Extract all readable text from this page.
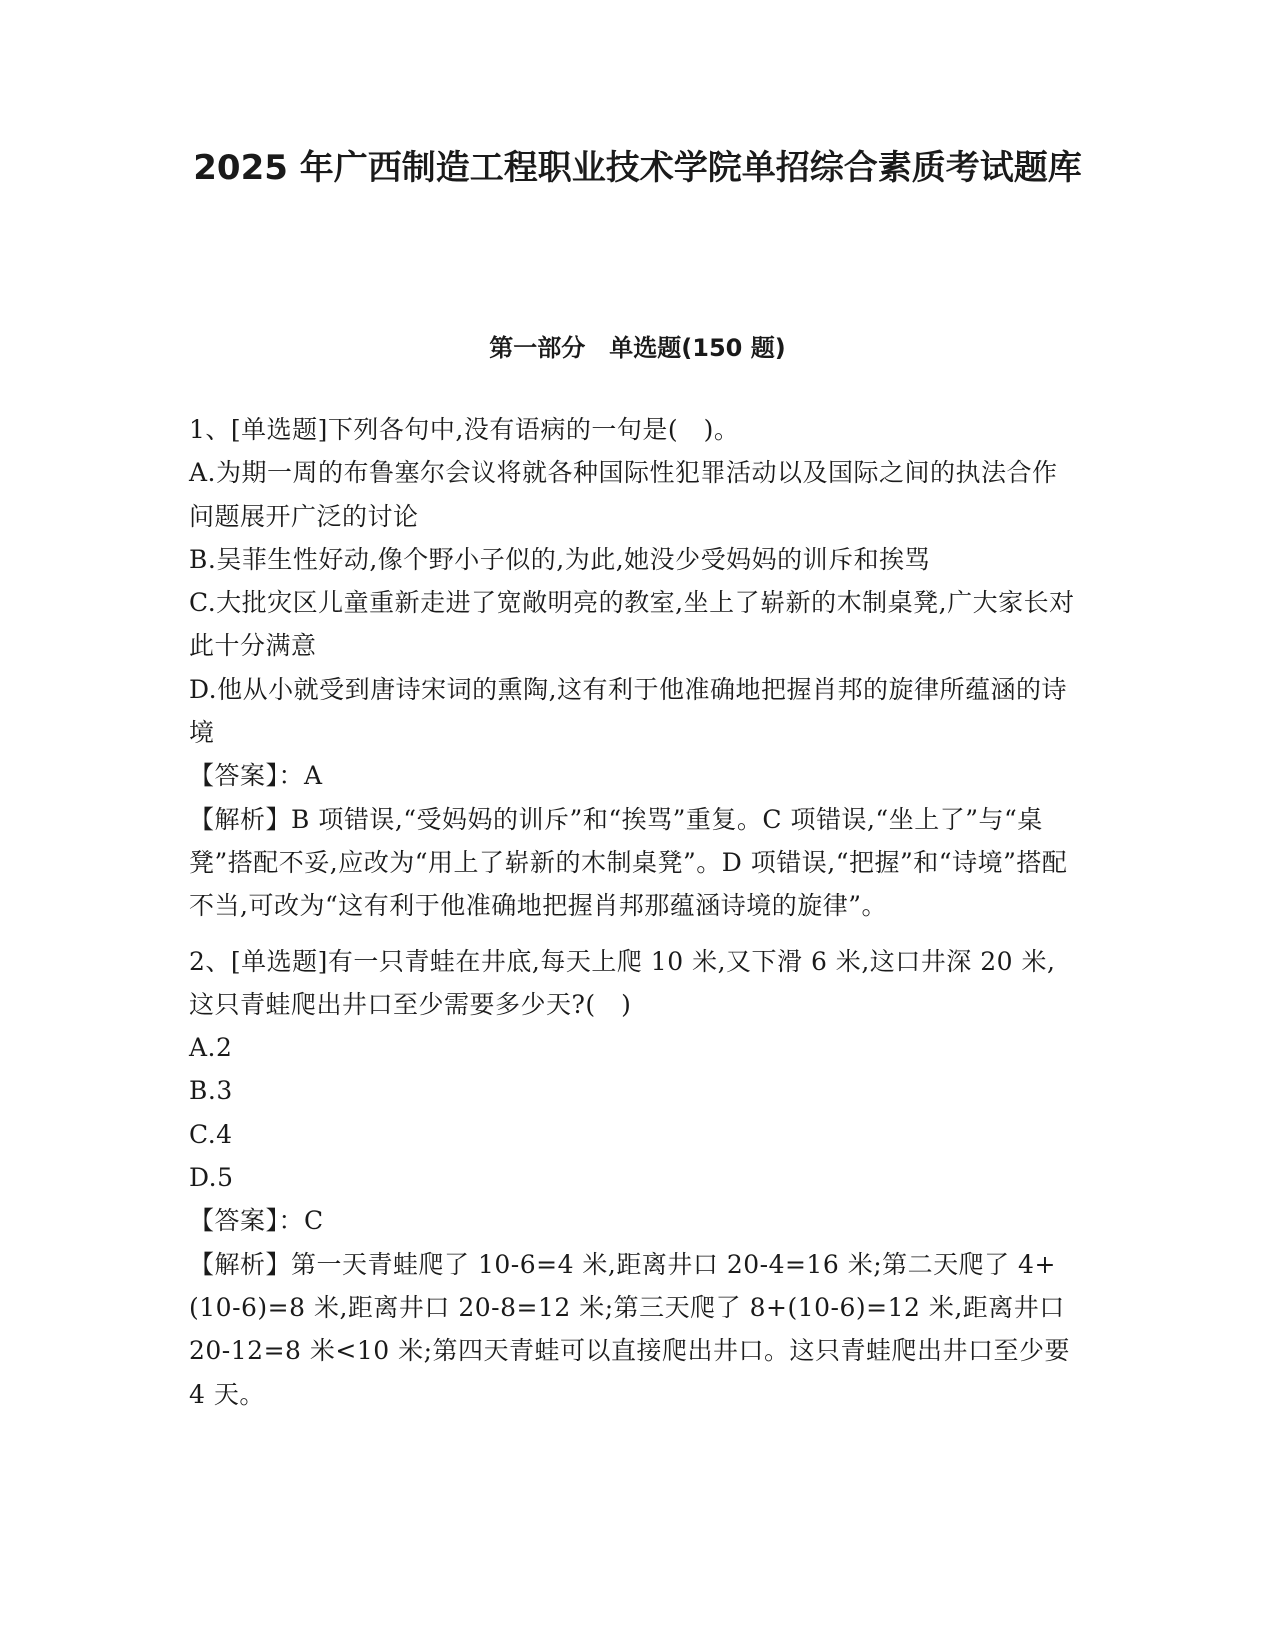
2025 年广西制造工程职业技术学院单招综合素质考试题库
第一部分　单选题(150 题)

1、[单选题]下列各句中,没有语病的一句是(　)。

A.为期一周的布鲁塞尔会议将就各种国际性犯罪活动以及国际之间的执法合作问题展开广泛的讨论

B.吴菲生性好动,像个野小子似的,为此,她没少受妈妈的训斥和挨骂

C.大批灾区儿童重新走进了宽敞明亮的教室,坐上了崭新的木制桌凳,广大家长对此十分满意

D.他从小就受到唐诗宋词的熏陶,这有利于他准确地把握肖邦的旋律所蕴涵的诗境

【答案】：A

【解析】B 项错误,“受妈妈的训斥”和“挨骂”重复。C 项错误,“坐上了”与“桌凳”搭配不妥,应改为“用上了崭新的木制桌凳”。D 项错误,“把握”和“诗境”搭配不当,可改为“这有利于他准确地把握肖邦那蕴涵诗境的旋律”。

2、[单选题]有一只青蛙在井底,每天上爬 10 米,又下滑 6 米,这口井深 20 米,这只青蛙爬出井口至少需要多少天?(　)

A.2

B.3

C.4

D.5

【答案】：C

【解析】第一天青蛙爬了 10-6=4 米,距离井口 20-4=16 米;第二天爬了 4+(10-6)=8 米,距离井口 20-8=12 米;第三天爬了 8+(10-6)=12 米,距离井口 20-12=8 米<10 米;第四天青蛙可以直接爬出井口。这只青蛙爬出井口至少要 4 天。
